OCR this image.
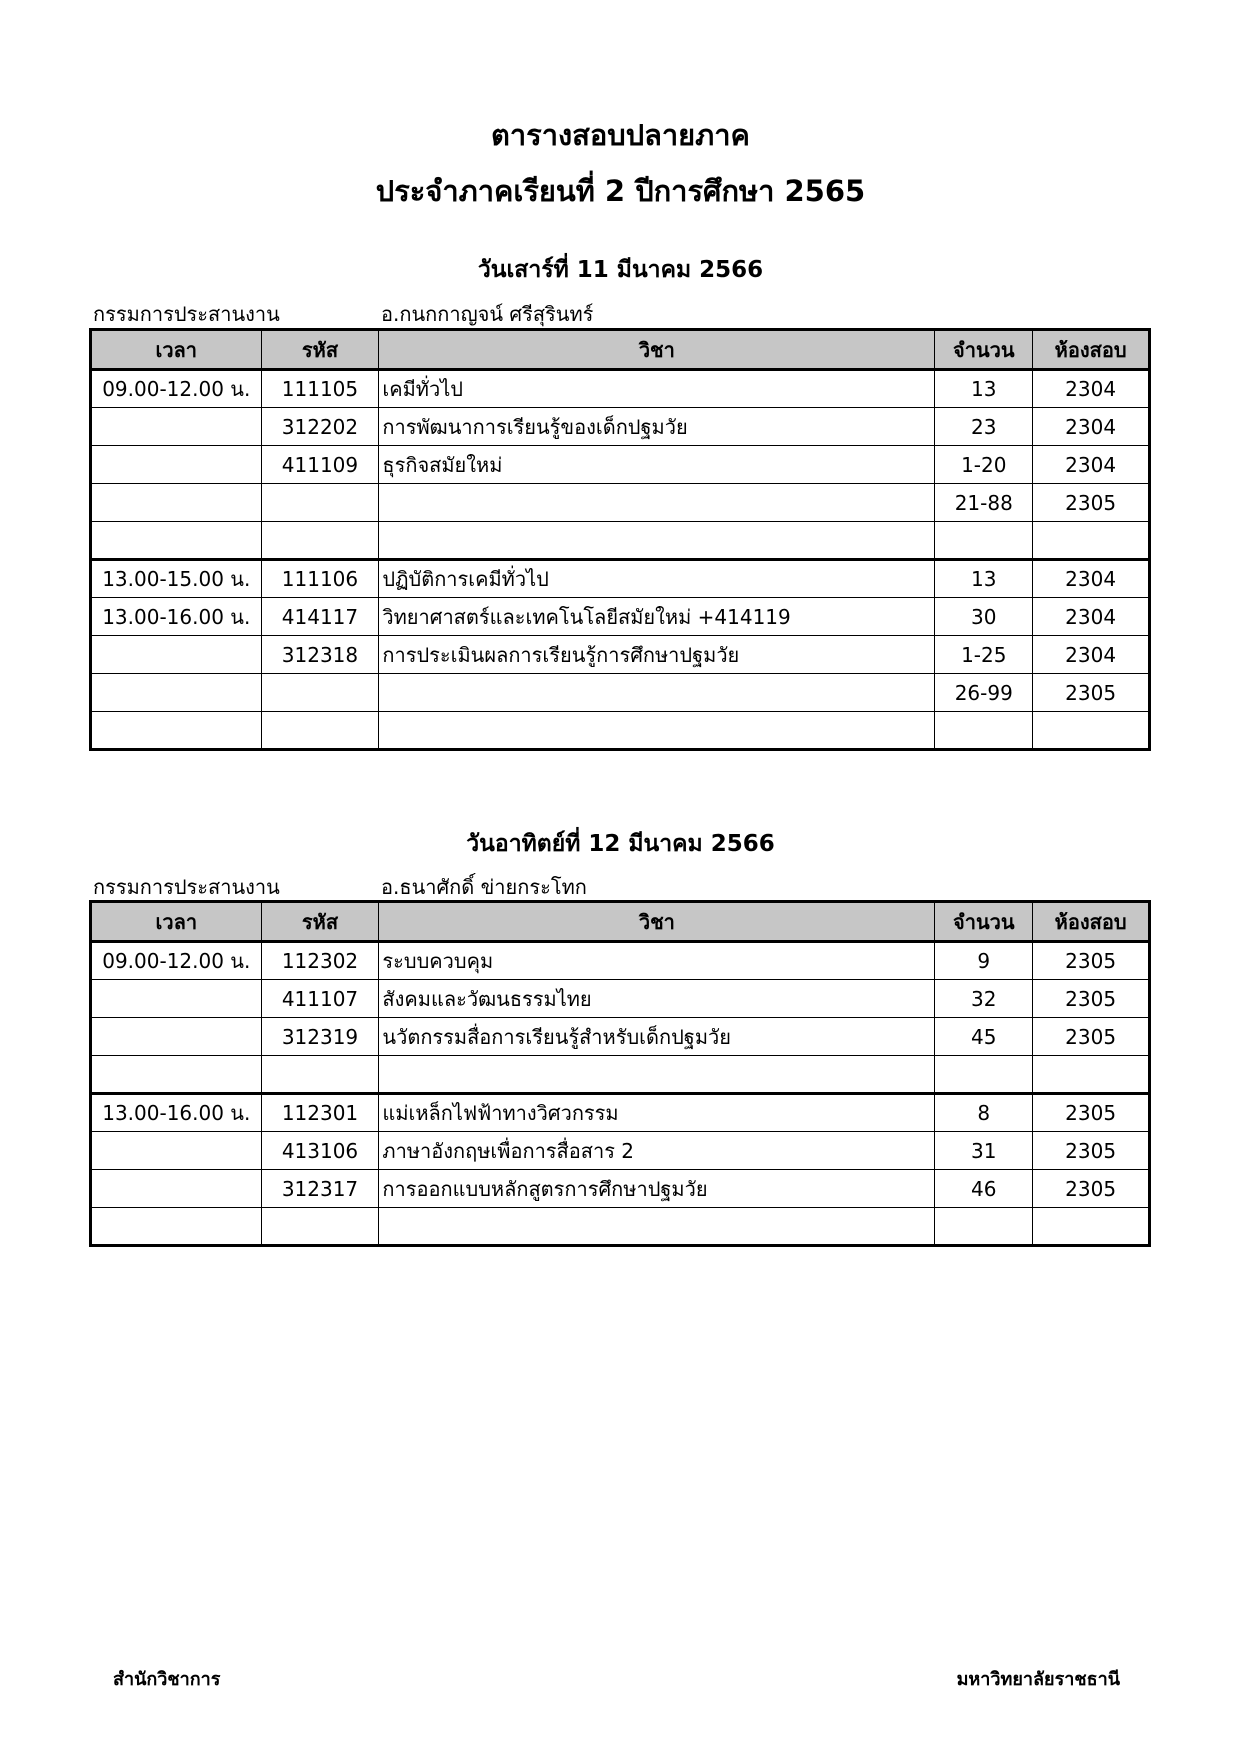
ตารางสอบปลายภาค
ประจำภาคเรียนที่ 2 ปีการศึกษา 2565
วันเสาร์ที่ 11 มีนาคม 2566
กรรมการประสานงาน	อ.กนกกาญจน์ ศรีสุรินทร์
เวลา	รหัส	วิชา	จำนวน	ห้องสอบ
09.00-12.00 น.	111105	เคมีทั่วไป	13	2304
	312202	การพัฒนาการเรียนรู้ของเด็กปฐมวัย	23	2304
	411109	ธุรกิจสมัยใหม่	1-20	2304
			21-88	2305

13.00-15.00 น.	111106	ปฏิบัติการเคมีทั่วไป	13	2304
13.00-16.00 น.	414117	วิทยาศาสตร์และเทคโนโลยีสมัยใหม่ +414119	30	2304
	312318	การประเมินผลการเรียนรู้การศึกษาปฐมวัย	1-25	2304
			26-99	2305

วันอาทิตย์ที่ 12 มีนาคม 2566
กรรมการประสานงาน	อ.ธนาศักดิ์ ข่ายกระโทก
เวลา	รหัส	วิชา	จำนวน	ห้องสอบ
09.00-12.00 น.	112302	ระบบควบคุม	9	2305
	411107	สังคมและวัฒนธรรมไทย	32	2305
	312319	นวัตกรรมสื่อการเรียนรู้สำหรับเด็กปฐมวัย	45	2305

13.00-16.00 น.	112301	แม่เหล็กไฟฟ้าทางวิศวกรรม	8	2305
	413106	ภาษาอังกฤษเพื่อการสื่อสาร 2	31	2305
	312317	การออกแบบหลักสูตรการศึกษาปฐมวัย	46	2305

สำนักวิชาการ	มหาวิทยาลัยราชธานี
